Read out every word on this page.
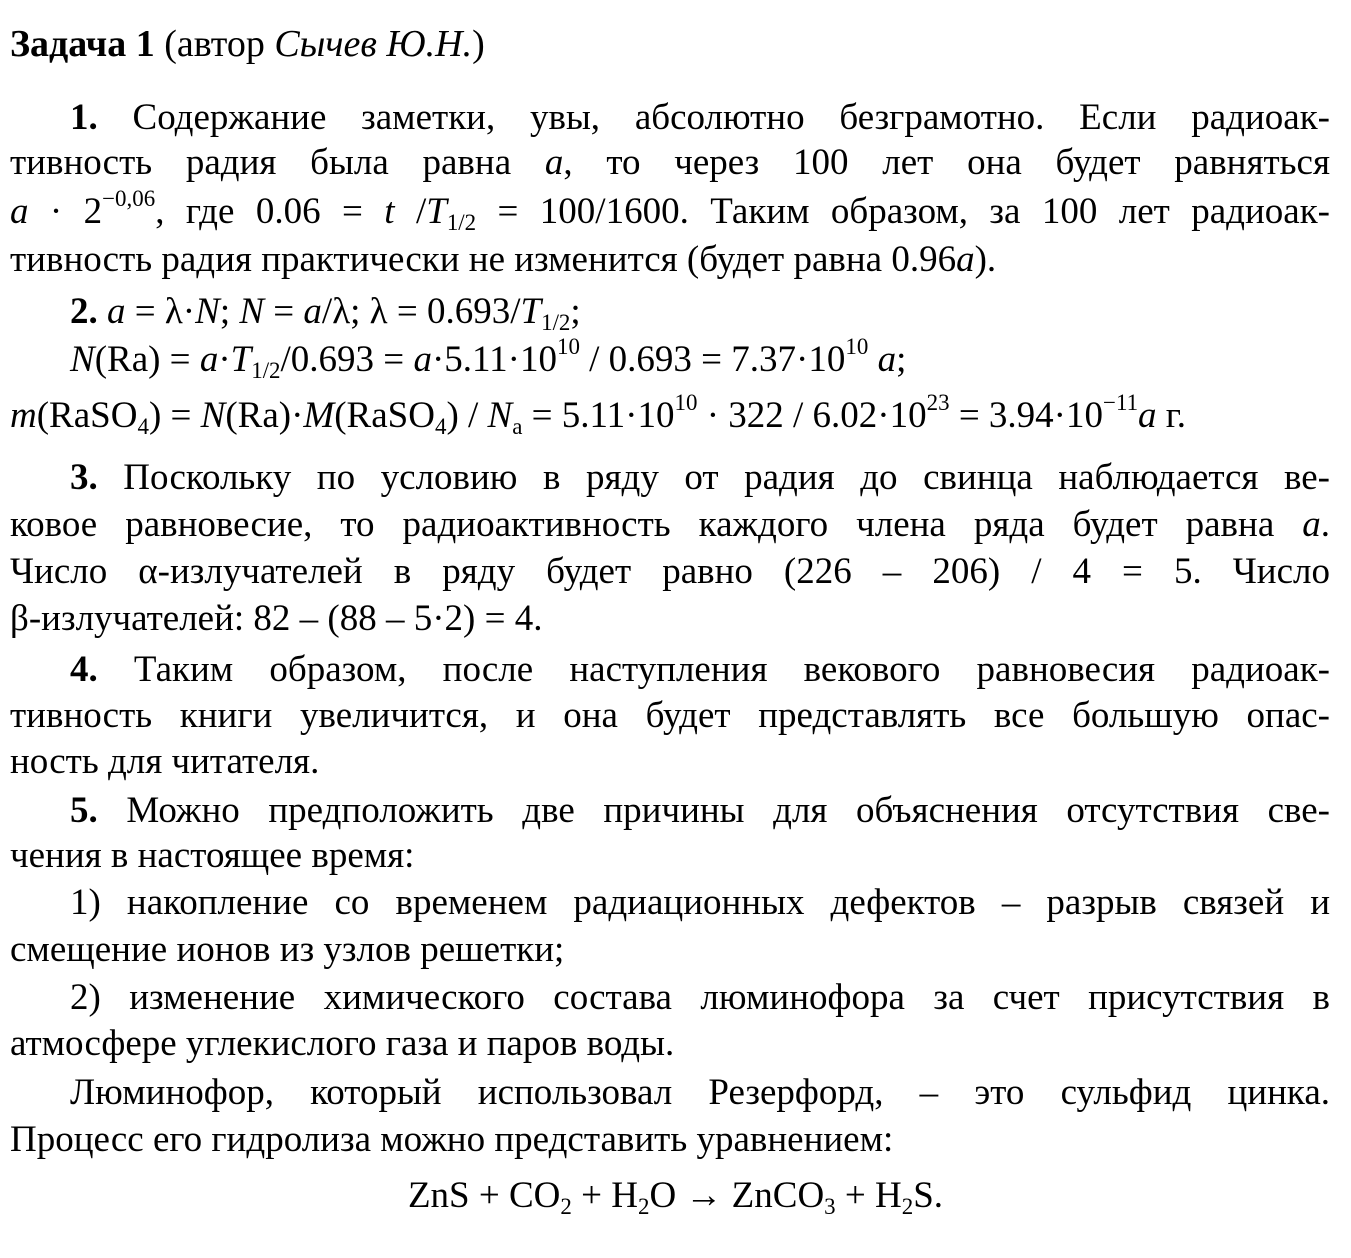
Задача 1 (автор Сычев Ю.Н.)
1. Содержание заметки, увы, абсолютно безграмотно. Если радиоак-
тивность радия была равна a, то через 100 лет она будет равняться
$a \cdot 2^{-0,06}$, где 0.06 = t $/T_{1/2} = 100/1600$. Таким образом, за 100 лет радиоак-
тивность радия практически не изменится (будет равна 0.96a).
2. a = λ·N; N = a/λ; $\lambda = 0.693/T_{1/2}$;
$N(Ra) = a\cdot T_{1/2}/0.693 = a\cdot 5.11\cdot 10^{10} / 0.693 = 7.37\cdot 10^{10}$ a;
m(RaSO$_4$) = N(Ra)·M(RaSO$_4$) / $N_a = 5.11\cdot 10^{10} \cdot 322 / 6.02\cdot 10^{23} = 3.94\cdot 10^{-11}a$ г.
3. Поскольку по условию в ряду от радия до свинца наблюдается ве-
ковое равновесие, то радиоактивность каждого члена ряда будет равна a.
Число α-излучателей в ряду будет равно (226 – 206) / 4 = 5. Число
β-излучателей: 82 – (88 – 5·2) = 4.
4. Таким образом, после наступления векового равновесия радиоак-
тивность книги увеличится, и она будет представлять все большую опас-
ность для читателя.
5. Можно предположить две причины для объяснения отсутствия све-
чения в настоящее время:
1) накопление со временем радиационных дефектов – разрыв связей и
смещение ионов из узлов решетки;
2) изменение химического состава люминофора за счет присутствия в
атмосфере углекислого газа и паров воды.
Люминофор, который использовал Резерфорд, – это сульфид цинка.
Процесс его гидролиза можно представить уравнением:
ZnS + $CO_2 + H_2O$ → ZnCO$_3$ + $H_2S$.
